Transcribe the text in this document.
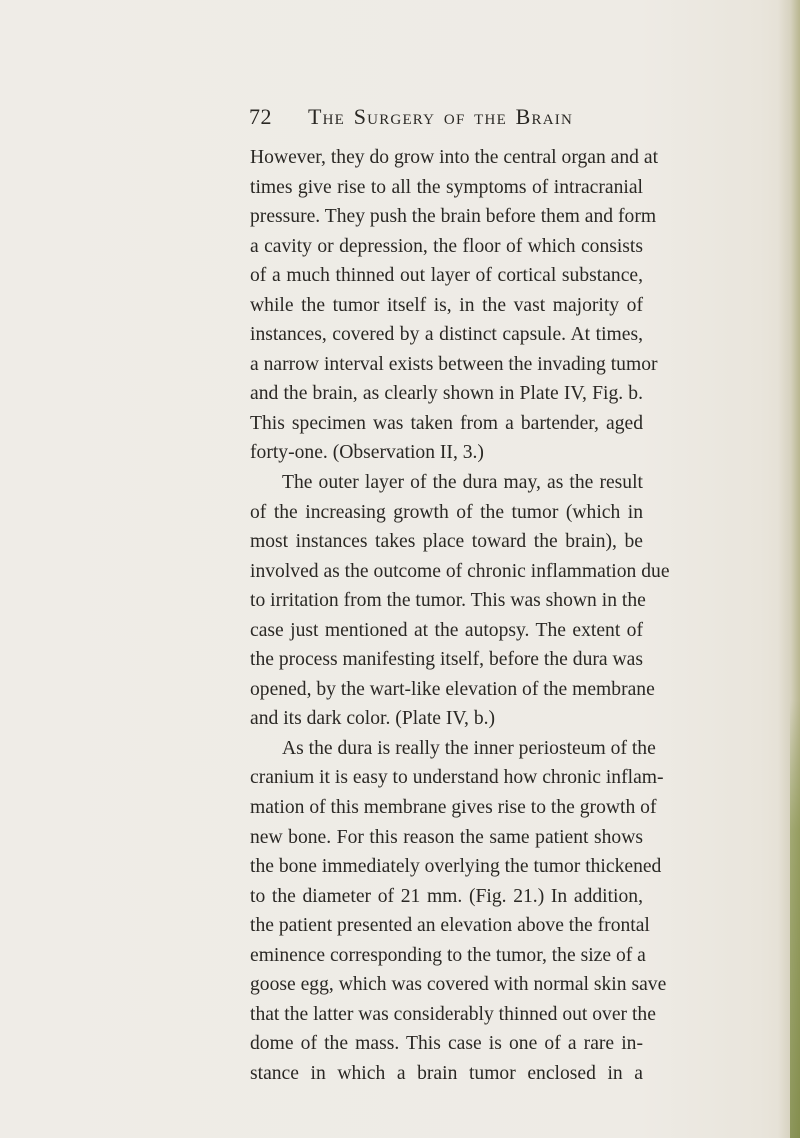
72 The Surgery of the Brain
However, they do grow into the central organ and at
times give rise to all the symptoms of intracranial
pressure. They push the brain before them and form
a cavity or depression, the floor of which consists
of a much thinned out layer of cortical substance,
while the tumor itself is, in the vast majority of
instances, covered by a distinct capsule. At times,
a narrow interval exists between the invading tumor
and the brain, as clearly shown in Plate IV, Fig. b.
This specimen was taken from a bartender, aged
forty-one. (Observation II, 3.)
The outer layer of the dura may, as the result
of the increasing growth of the tumor (which in
most instances takes place toward the brain), be
involved as the outcome of chronic inflammation due
to irritation from the tumor. This was shown in the
case just mentioned at the autopsy. The extent of
the process manifesting itself, before the dura was
opened, by the wart-like elevation of the membrane
and its dark color. (Plate IV, b.)
As the dura is really the inner periosteum of the
cranium it is easy to understand how chronic inflam-
mation of this membrane gives rise to the growth of
new bone. For this reason the same patient shows
the bone immediately overlying the tumor thickened
to the diameter of 21 mm. (Fig. 21.) In addition,
the patient presented an elevation above the frontal
eminence corresponding to the tumor, the size of a
goose egg, which was covered with normal skin save
that the latter was considerably thinned out over the
dome of the mass. This case is one of a rare in-
stance in which a brain tumor enclosed in a
